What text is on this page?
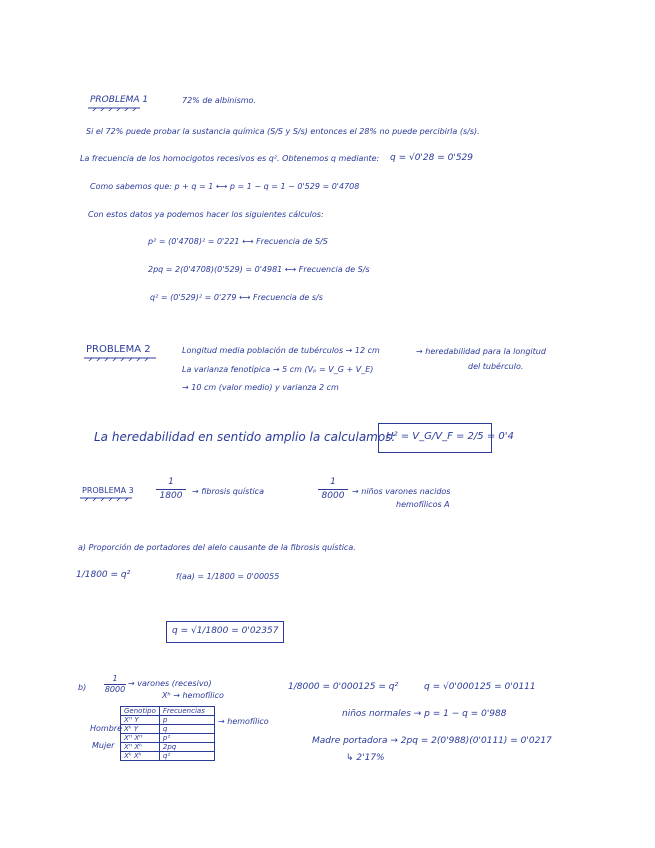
PROBLEMA 1	72% de albinismo.
Si el 72% puede probar la sustancia química (S/S y S/s) entonces el 28% no puede percibirla (s/s).
La frecuencia de los homocigotos recesivos es q². Obtenemos q mediante: q = √0'28 = 0'529
Como sabemos que: p + q = 1 ⟷ p = 1 − q = 1 − 0'529 = 0'4708
Con estos datos ya podemos hacer los siguientes cálculos:
p² = (0'4708)² = 0'221 ⟷ Frecuencia de S/S
2pq = 2(0'4708)(0'529) = 0'4981 ⟷ Frecuencia de S/s
q² = (0'529)² = 0'279 ⟷ Frecuencia de s/s
PROBLEMA 2	Longitud media población de tubérculos → 12 cm
La varianza fenotípica → 5 cm (Vₚ = V_G + V_E)
→ 10 cm (valor medio) y varianza 2 cm
→ heredabilidad para la longitud
del tubérculo.
La heredabilidad en sentido amplio la calculamos:
H² = V_G/V_F = 2/5 = 0'4
PROBLEMA 3
1
1800	→ fibrosis quística
1
8000 → niños varones nacidos
hemofílicos A
a) Proporción de portadores del alelo causante de la fibrosis quística.
1/1800 = q²	f(aa) = 1/1800 = 0'00055
q = √1/1800 = 0'02357
b)
1
8000
→ varones (recesivo)
Xʰ → hemofílico
Hombre
Mujer
Genotipo	Frecuencias
Xᴴ Y	p
Xʰ Y	q
Xᴴ Xᴴ	p²
Xᴴ Xʰ	2pq
Xʰ Xʰ	q²
→ hemofílico
1/8000 = 0'000125 = q²	q = √0'000125 = 0'0111
niños normales → p = 1 − q = 0'988
Madre portadora → 2pq = 2(0'988)(0'0111) = 0'0217
↳ 2'17%
